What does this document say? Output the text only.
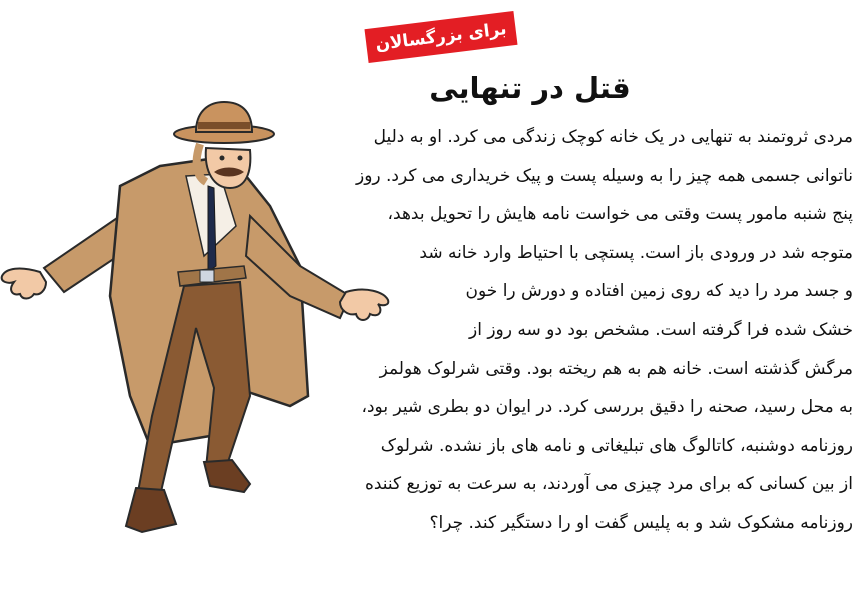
برای بزرگسالان
قتل در تنهایی
مردی ثروتمند به تنهایی در یک خانه کوچک زندگی می کرد. او به دلیل
ناتوانی جسمی همه چیز را به وسیله پست و پیک خریداری می کرد. روز
پنج شنبه مامور پست وقتی می خواست نامه هایش را تحویل بدهد،
متوجه شد در ورودی باز است. پستچی با احتیاط وارد خانه شد
و جسد مرد را دید که روی زمین افتاده و دورش را خون
خشک شده فرا گرفته است. مشخص بود دو سه روز از
مرگش گذشته است. خانه هم به هم ریخته بود. وقتی شرلوک هولمز
به محل رسید، صحنه را دقیق بررسی کرد. در ایوان دو بطری شیر بود،
روزنامه دوشنبه، کاتالوگ های تبلیغاتی و نامه های باز نشده. شرلوک
از بین کسانی که برای مرد چیزی می آوردند، به سرعت به توزیع کننده
روزنامه مشکوک شد و به پلیس گفت او را دستگیر کند. چرا؟
